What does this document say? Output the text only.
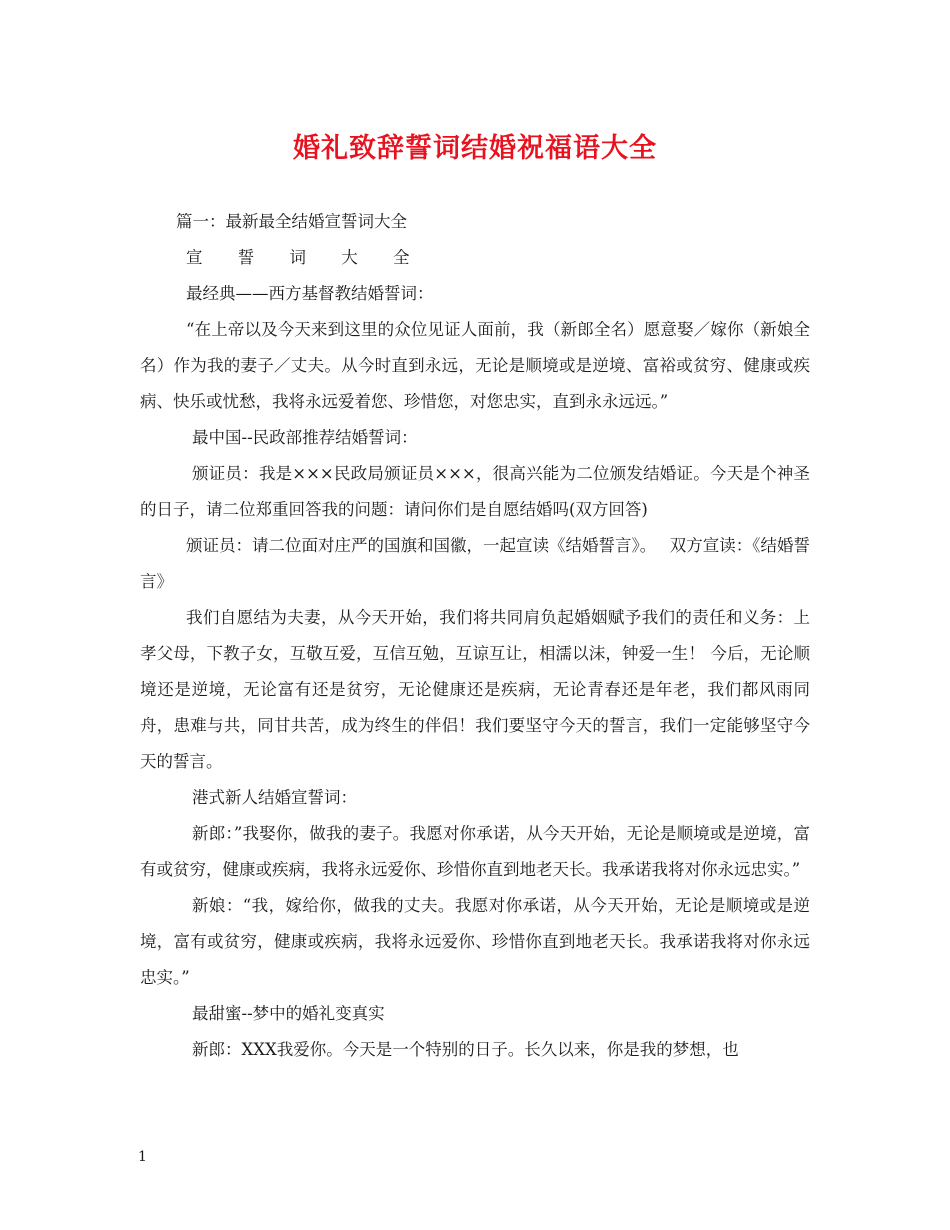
婚礼致辞誓词结婚祝福语大全

篇一：最新最全结婚宣誓词大全

宣 誓 词 大 全

最经典——西方基督教结婚誓词：

“在上帝以及今天来到这里的众位见证人面前，我（新郎全名）愿意娶／嫁你（新娘全名）作为我的妻子／丈夫。从今时直到永远，无论是顺境或是逆境、富裕或贫穷、健康或疾病、快乐或忧愁，我将永远爱着您、珍惜您，对您忠实，直到永永远远。”

最中国--民政部推荐结婚誓词：

颁证员：我是×××民政局颁证员×××，很高兴能为二位颁发结婚证。今天是个神圣的日子，请二位郑重回答我的问题：请问你们是自愿结婚吗(双方回答)

颁证员：请二位面对庄严的国旗和国徽，一起宣读《结婚誓言》。　 双方宣读：《结婚誓言》

我们自愿结为夫妻，从今天开始，我们将共同肩负起婚姻赋予我们的责任和义务：上孝父母，下教子女，互敬互爱，互信互勉，互谅互让，相濡以沫，钟爱一生！ 今后，无论顺境还是逆境，无论富有还是贫穷，无论健康还是疾病，无论青春还是年老，我们都风雨同舟，患难与共，同甘共苦，成为终生的伴侣！我们要坚守今天的誓言，我们一定能够坚守今天的誓言。

港式新人结婚宣誓词：

新郎：”我娶你，做我的妻子。我愿对你承诺，从今天开始，无论是顺境或是逆境，富有或贫穷，健康或疾病，我将永远爱你、珍惜你直到地老天长。我承诺我将对你永远忠实。”

新娘：“我，嫁给你，做我的丈夫。我愿对你承诺，从今天开始，无论是顺境或是逆境，富有或贫穷，健康或疾病，我将永远爱你、珍惜你直到地老天长。我承诺我将对你永远忠实。”

最甜蜜--梦中的婚礼变真实

新郎：XXX我爱你。今天是一个特别的日子。长久以来，你是我的梦想，也

1
